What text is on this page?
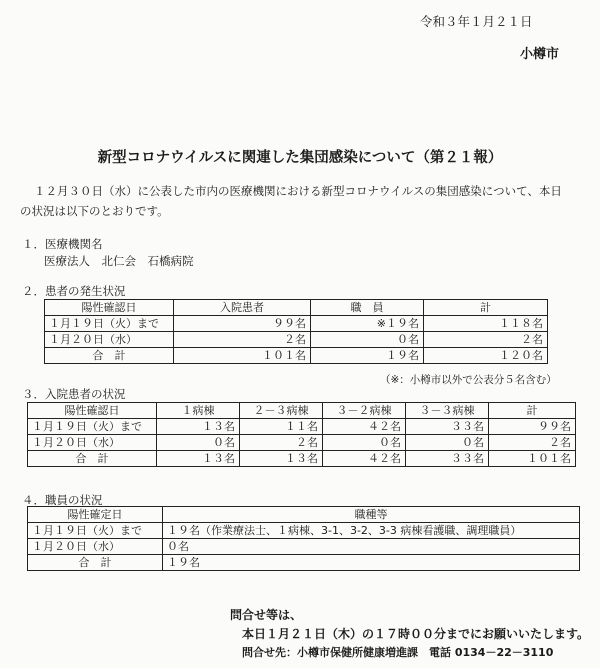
令和３年１月２１日
小樽市
新型コロナウイルスに関連した集団感染について（第２１報）
１２月３０日（水）に公表した市内の医療機関における新型コロナウイルスの集団感染について、本日
の状況は以下のとおりです。
１．医療機関名
医療法人　北仁会　石橋病院
２．患者の発生状況
陽性確認日	入院患者	職　員	計
１月１９日（火）まで	９９名	※１９名	１１８名
１月２０日（水）	２名	０名	２名
合　計	１０１名	１９名	１２０名
（※：小樽市以外で公表分５名含む）
３．入院患者の状況
陽性確認日	１病棟	２－３病棟	３－２病棟	３－３病棟	計
１月１９日（火）まで	１３名	１１名	４２名	３３名	９９名
１月２０日（水）	０名	２名	０名	０名	２名
合　計	１３名	１３名	４２名	３３名	１０１名
４．職員の状況
陽性確定日	職種等
１月１９日（火）まで	１９名（作業療法士、１病棟、3-1、3-2、3-3 病棟看護職、調理職員）
１月２０日（水）	０名
合　計	１９名
問合せ等は、
本日１月２１日（木）の１７時００分までにお願いいたします。
問合せ先：小樽市保健所健康増進課　電話 0134－22－3110
